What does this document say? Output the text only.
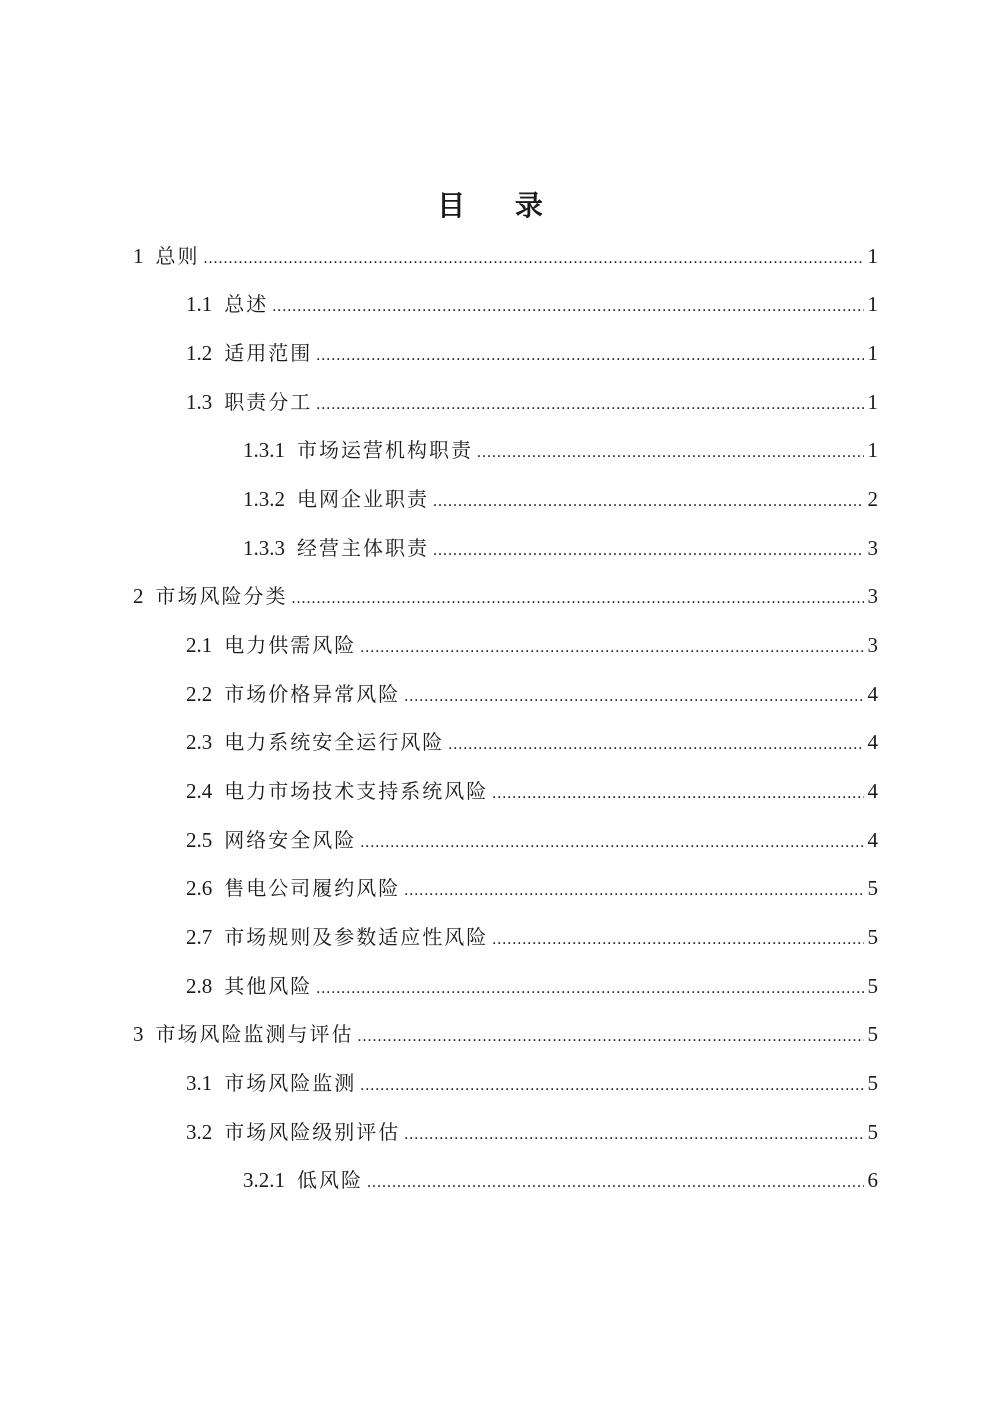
目 录
1 总则 .....	1
1.1 总述 .....	1
1.2 适用范围 .....	1
1.3 职责分工 .....	1
1.3.1 市场运营机构职责 .....	1
1.3.2 电网企业职责 .....	2
1.3.3 经营主体职责 .....	3
2 市场风险分类 .....	3
2.1 电力供需风险 .....	3
2.2 市场价格异常风险 .....	4
2.3 电力系统安全运行风险 .....	4
2.4 电力市场技术支持系统风险 .....	4
2.5 网络安全风险 .....	4
2.6 售电公司履约风险 .....	5
2.7 市场规则及参数适应性风险 .....	5
2.8 其他风险 .....	5
3 市场风险监测与评估 .....	5
3.1 市场风险监测 .....	5
3.2 市场风险级别评估 .....	5
3.2.1 低风险 .....	6
